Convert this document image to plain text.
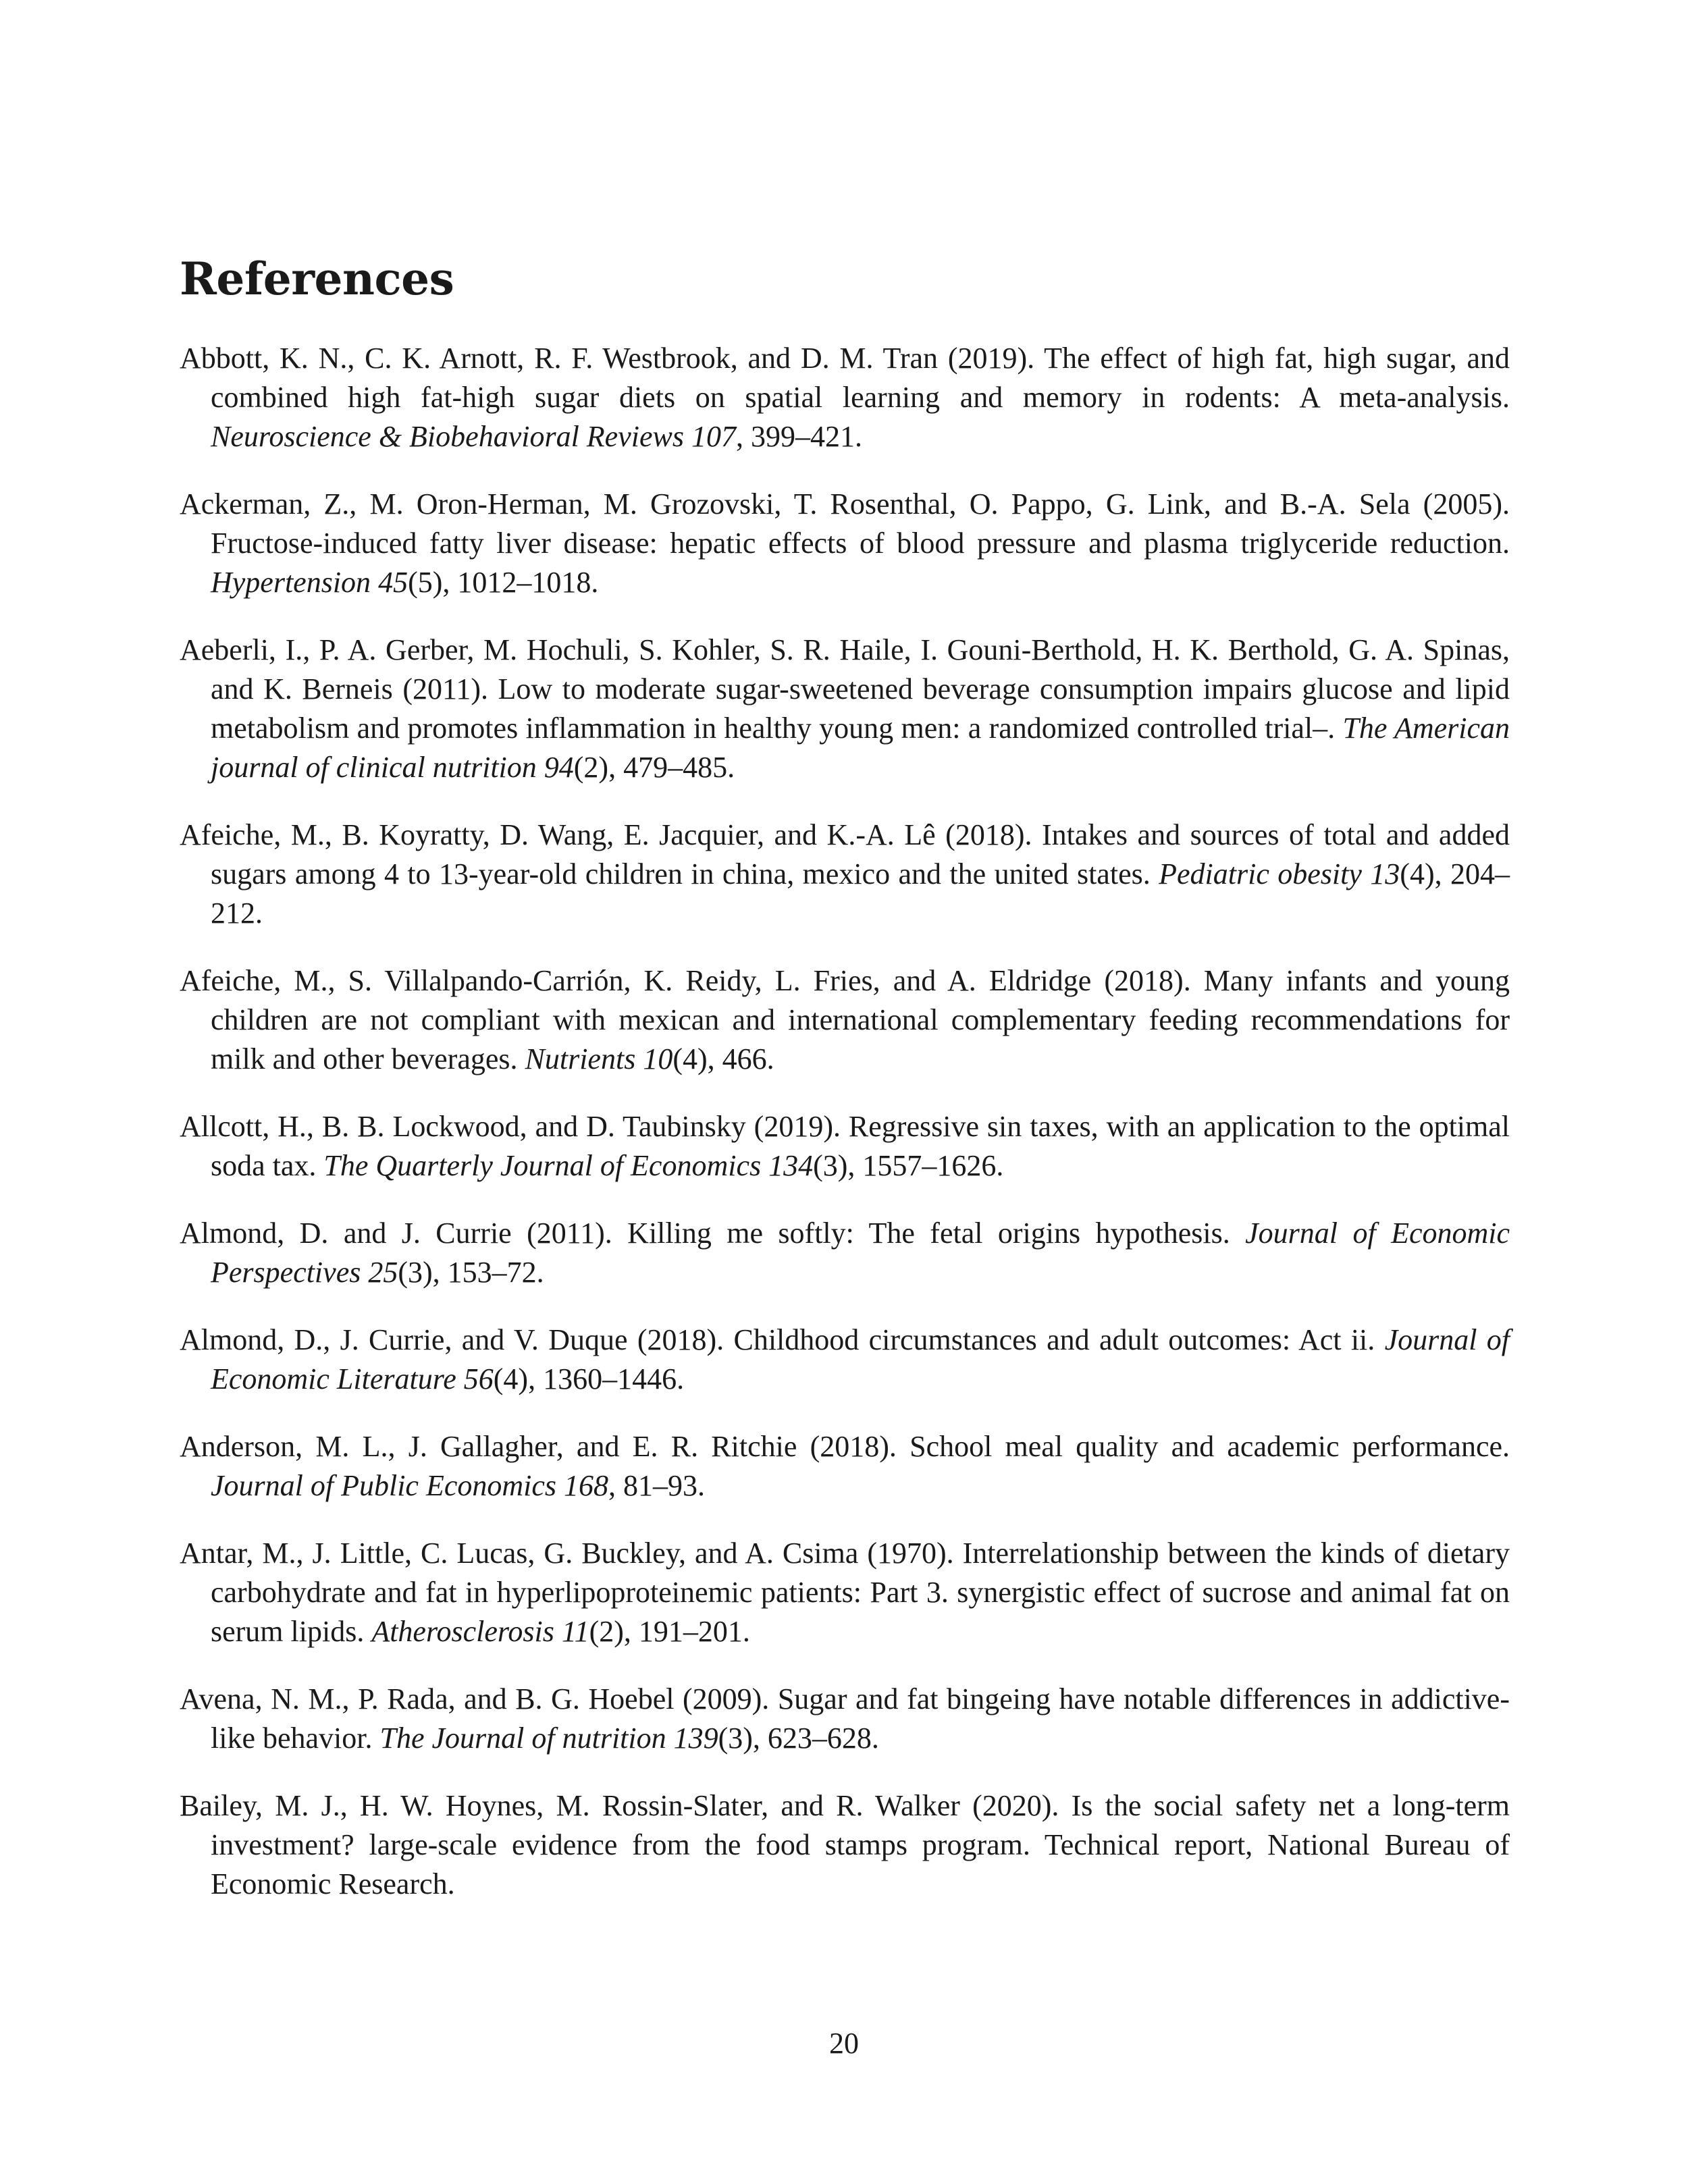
References
Abbott, K. N., C. K. Arnott, R. F. Westbrook, and D. M. Tran (2019). The effect of high fat, high sugar, and combined high fat-high sugar diets on spatial learning and memory in rodents: A meta-analysis. Neuroscience & Biobehavioral Reviews 107, 399–421.
Ackerman, Z., M. Oron-Herman, M. Grozovski, T. Rosenthal, O. Pappo, G. Link, and B.-A. Sela (2005). Fructose-induced fatty liver disease: hepatic effects of blood pressure and plasma triglyceride reduction. Hypertension 45(5), 1012–1018.
Aeberli, I., P. A. Gerber, M. Hochuli, S. Kohler, S. R. Haile, I. Gouni-Berthold, H. K. Berthold, G. A. Spinas, and K. Berneis (2011). Low to moderate sugar-sweetened beverage consumption impairs glucose and lipid metabolism and promotes inflammation in healthy young men: a randomized controlled trial–. The American journal of clinical nutrition 94(2), 479–485.
Afeiche, M., B. Koyratty, D. Wang, E. Jacquier, and K.-A. Lê (2018). Intakes and sources of total and added sugars among 4 to 13-year-old children in china, mexico and the united states. Pediatric obesity 13(4), 204–212.
Afeiche, M., S. Villalpando-Carrión, K. Reidy, L. Fries, and A. Eldridge (2018). Many infants and young children are not compliant with mexican and international complementary feeding recommendations for milk and other beverages. Nutrients 10(4), 466.
Allcott, H., B. B. Lockwood, and D. Taubinsky (2019). Regressive sin taxes, with an application to the optimal soda tax. The Quarterly Journal of Economics 134(3), 1557–1626.
Almond, D. and J. Currie (2011). Killing me softly: The fetal origins hypothesis. Journal of Economic Perspectives 25(3), 153–72.
Almond, D., J. Currie, and V. Duque (2018). Childhood circumstances and adult outcomes: Act ii. Journal of Economic Literature 56(4), 1360–1446.
Anderson, M. L., J. Gallagher, and E. R. Ritchie (2018). School meal quality and academic performance. Journal of Public Economics 168, 81–93.
Antar, M., J. Little, C. Lucas, G. Buckley, and A. Csima (1970). Interrelationship between the kinds of dietary carbohydrate and fat in hyperlipoproteinemic patients: Part 3. synergistic effect of sucrose and animal fat on serum lipids. Atherosclerosis 11(2), 191–201.
Avena, N. M., P. Rada, and B. G. Hoebel (2009). Sugar and fat bingeing have notable differences in addictive-like behavior. The Journal of nutrition 139(3), 623–628.
Bailey, M. J., H. W. Hoynes, M. Rossin-Slater, and R. Walker (2020). Is the social safety net a long-term investment? large-scale evidence from the food stamps program. Technical report, National Bureau of Economic Research.
20
